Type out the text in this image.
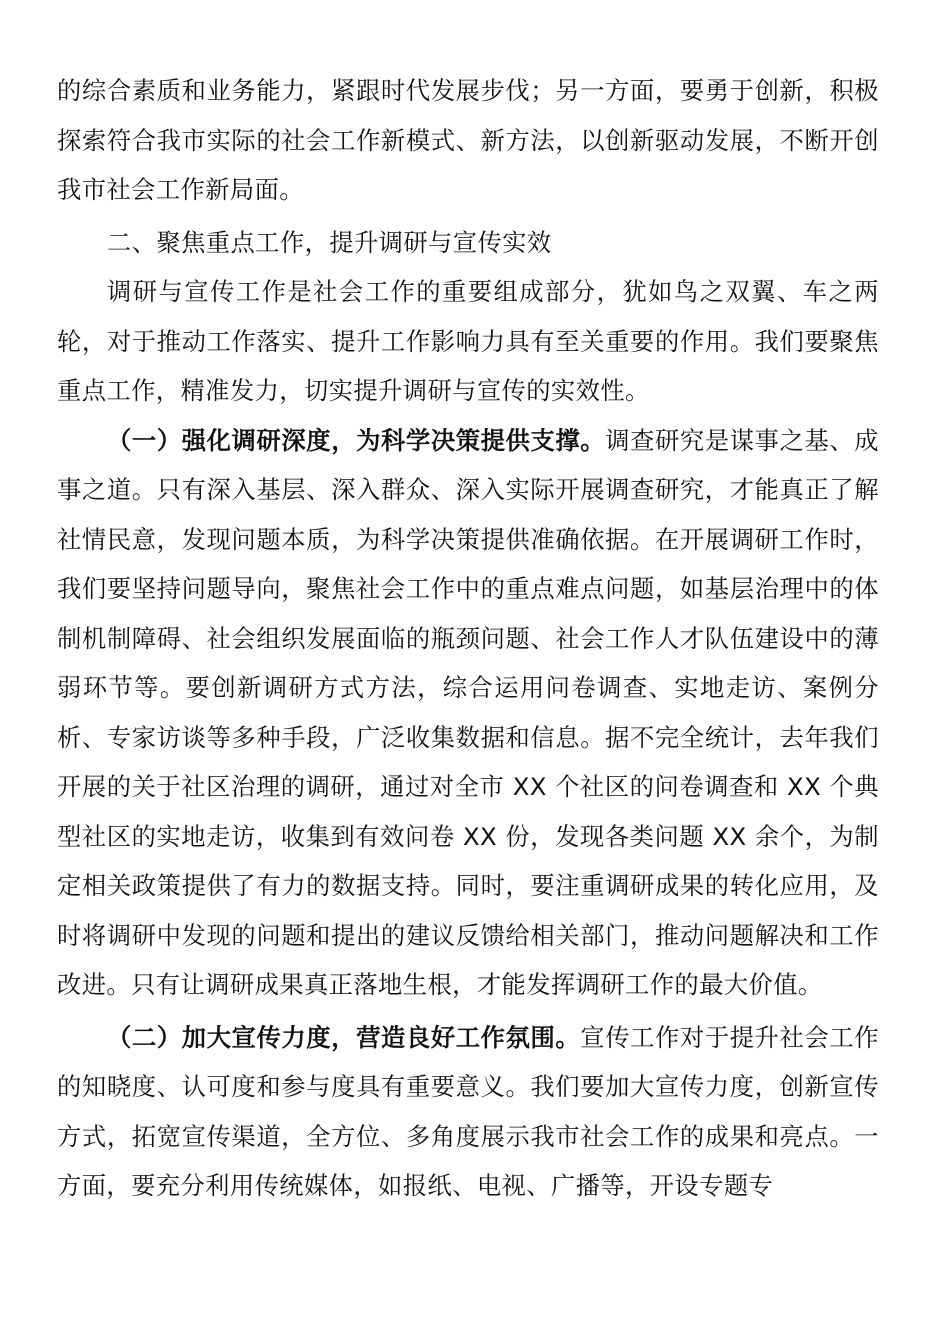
的综合素质和业务能力，紧跟时代发展步伐；另一方面，要勇于创新，积极探索符合我市实际的社会工作新模式、新方法，以创新驱动发展，不断开创我市社会工作新局面。

二、聚焦重点工作，提升调研与宣传实效

调研与宣传工作是社会工作的重要组成部分，犹如鸟之双翼、车之两轮，对于推动工作落实、提升工作影响力具有至关重要的作用。我们要聚焦重点工作，精准发力，切实提升调研与宣传的实效性。

（一）强化调研深度，为科学决策提供支撑。调查研究是谋事之基、成事之道。只有深入基层、深入群众、深入实际开展调查研究，才能真正了解社情民意，发现问题本质，为科学决策提供准确依据。在开展调研工作时，我们要坚持问题导向，聚焦社会工作中的重点难点问题，如基层治理中的体制机制障碍、社会组织发展面临的瓶颈问题、社会工作人才队伍建设中的薄弱环节等。要创新调研方式方法，综合运用问卷调查、实地走访、案例分析、专家访谈等多种手段，广泛收集数据和信息。据不完全统计，去年我们开展的关于社区治理的调研，通过对全市 XX 个社区的问卷调查和 XX 个典型社区的实地走访，收集到有效问卷 XX 份，发现各类问题 XX 余个，为制定相关政策提供了有力的数据支持。同时，要注重调研成果的转化应用，及时将调研中发现的问题和提出的建议反馈给相关部门，推动问题解决和工作改进。只有让调研成果真正落地生根，才能发挥调研工作的最大价值。

（二）加大宣传力度，营造良好工作氛围。宣传工作对于提升社会工作的知晓度、认可度和参与度具有重要意义。我们要加大宣传力度，创新宣传方式，拓宽宣传渠道，全方位、多角度展示我市社会工作的成果和亮点。一方面，要充分利用传统媒体，如报纸、电视、广播等，开设专题专
